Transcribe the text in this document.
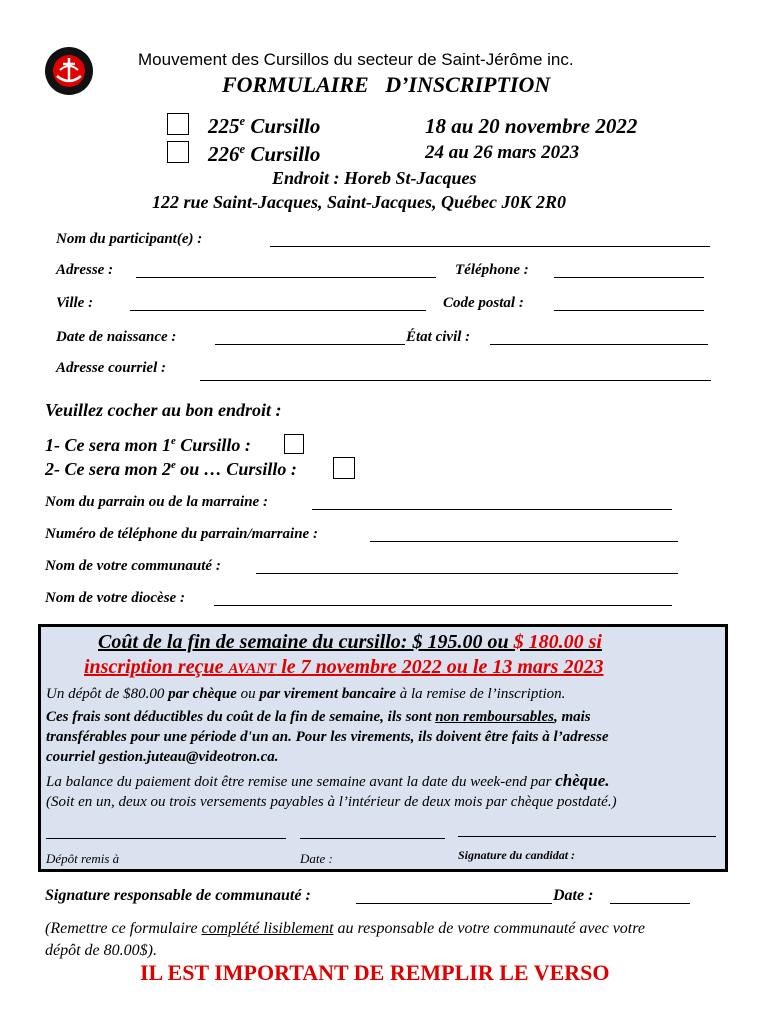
Mouvement des Cursillos du secteur de Saint-Jérôme inc.
FORMULAIRE   D’INSCRIPTION
225e Cursillo	18 au 20 novembre 2022
226e Cursillo	24 au 26 mars 2023
Endroit : Horeb St-Jacques
122 rue Saint-Jacques, Saint-Jacques, Québec J0K 2R0
Nom du participant(e) :
Adresse :	Téléphone :
Ville :	Code postal :
Date de naissance :	État civil :
Adresse courriel :
Veuillez cocher au bon endroit :
1- Ce sera mon 1e Cursillo :
2- Ce sera mon 2e ou … Cursillo :
Nom du parrain ou de la marraine :
Numéro de téléphone du parrain/marraine :
Nom de votre communauté :
Nom de votre diocèse :
Coût de la fin de semaine du cursillo: $ 195.00 ou $ 180.00 si
inscription reçue AVANT le 7 novembre 2022 ou le 13 mars 2023
Un dépôt de $80.00 par chèque ou par virement bancaire à la remise de l’inscription.
Ces frais sont déductibles du coût de la fin de semaine, ils sont non remboursables, mais
transférables pour une période d'un an. Pour les virements, ils doivent être faits à l’adresse
courriel gestion.juteau@videotron.ca.
La balance du paiement doit être remise une semaine avant la date du week-end par chèque.
(Soit en un, deux ou trois versements payables à l’intérieur de deux mois par chèque postdaté.)
Dépôt remis à	Date :	Signature du candidat :
Signature responsable de communauté :	Date :
(Remettre ce formulaire complété lisiblement au responsable de votre communauté avec votre
dépôt de 80.00$).
IL EST IMPORTANT DE REMPLIR LE VERSO
